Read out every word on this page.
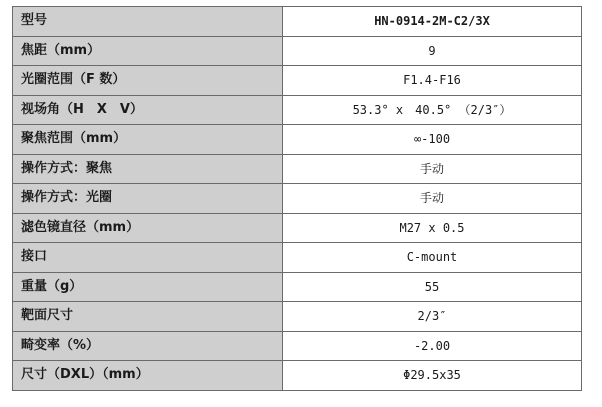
型号	HN-0914-2M-C2/3X
焦距（mm）	9
光圈范围（F 数）	F1.4-F16
视场角（H　X　V）	53.3° x　40.5° （2/3″）
聚焦范围（mm）	∞-100
操作方式：聚焦	手动
操作方式：光圈	手动
滤色镜直径（mm）	M27 x 0.5
接口	C-mount
重量（g）	55
靶面尺寸	2/3″
畸变率（%）	-2.00
尺寸（DXL）（mm）	Φ29.5x35
